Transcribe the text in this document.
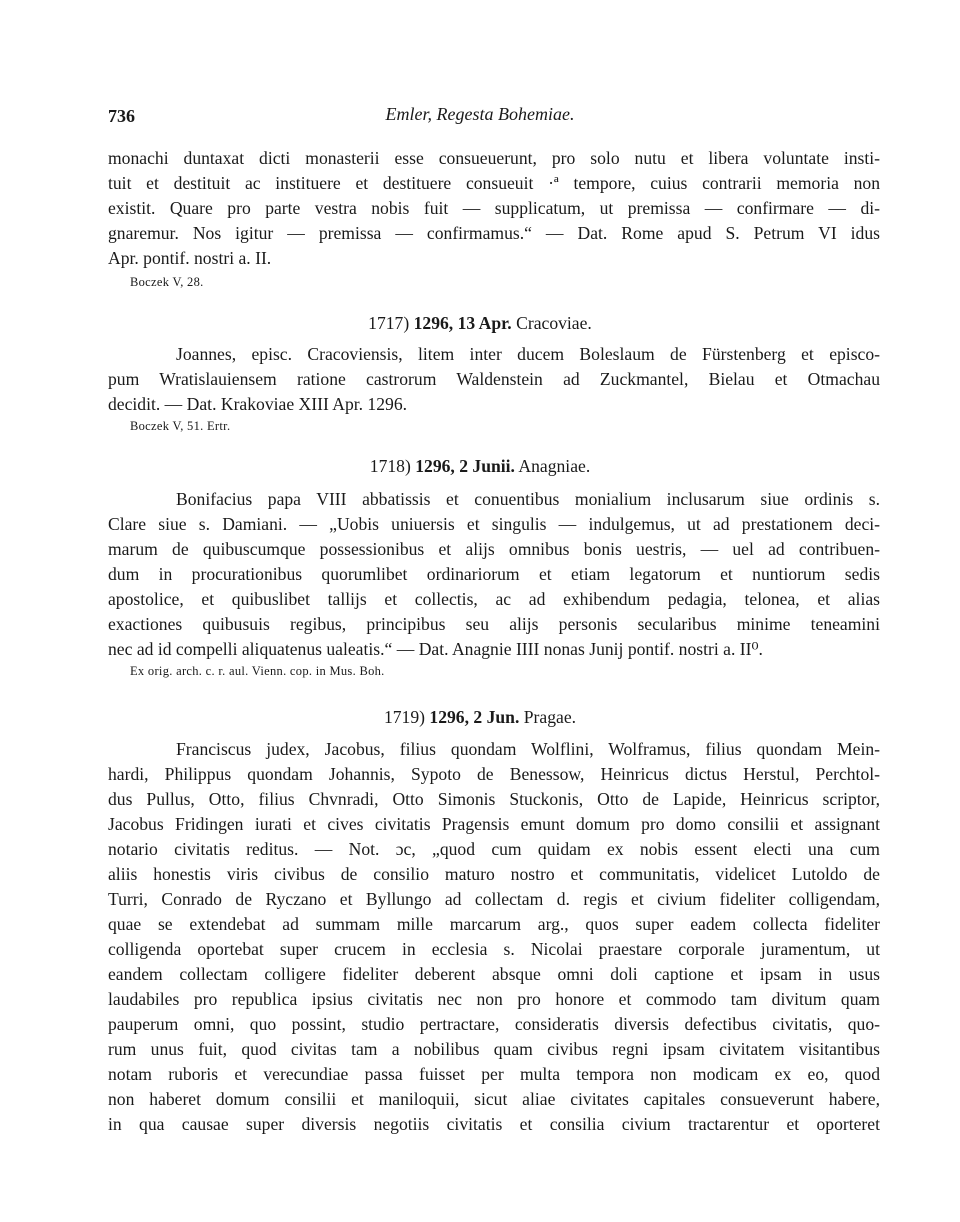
736	Emler, Regesta Bohemiae.
monachi duntaxat dicti monasterii esse consueuerunt, pro solo nutu et libera voluntate insti-
tuit et destituit ac instituere et destituere consueuit ·ª tempore, cuius contrarii memoria non
existit. Quare pro parte vestra nobis fuit — supplicatum, ut premissa — confirmare — di-
gnaremur. Nos igitur — premissa — confirmamus.“ — Dat. Rome apud S. Petrum VI idus
Apr. pontif. nostri a. II.
Boczek V, 28.
1717) 1296, 13 Apr. Cracoviae.
Joannes, episc. Cracoviensis, litem inter ducem Boleslaum de Fürstenberg et episco-
pum Wratislauiensem ratione castrorum Waldenstein ad Zuckmantel, Bielau et Otmachau
decidit. — Dat. Krakoviae XIII Apr. 1296.
Boczek V, 51. Ertr.
1718) 1296, 2 Junii. Anagniae.
Bonifacius papa VIII abbatissis et conuentibus monialium inclusarum siue ordinis s.
Clare siue s. Damiani. — „Uobis uniuersis et singulis — indulgemus, ut ad prestationem deci-
marum de quibuscumque possessionibus et alijs omnibus bonis uestris, — uel ad contribuen-
dum in procurationibus quorumlibet ordinariorum et etiam legatorum et nuntiorum sedis
apostolice, et quibuslibet tallijs et collectis, ac ad exhibendum pedagia, telonea, et alias
exactiones quibusuis regibus, principibus seu alijs personis secularibus minime teneamini
nec ad id compelli aliquatenus ualeatis.“ — Dat. Anagnie IIII nonas Junij pontif. nostri a. II⁰.
Ex orig. arch. c. r. aul. Vienn. cop. in Mus. Boh.
1719) 1296, 2 Jun. Pragae.
Franciscus judex, Jacobus, filius quondam Wolflini, Wolframus, filius quondam Mein-
hardi, Philippus quondam Johannis, Sypoto de Benessow, Heinricus dictus Herstul, Perchtol-
dus Pullus, Otto, filius Chvnradi, Otto Simonis Stuckonis, Otto de Lapide, Heinricus scriptor,
Jacobus Fridingen iurati et cives civitatis Pragensis emunt domum pro domo consilii et assignant
notario civitatis reditus. — Not. ɔc, „quod cum quidam ex nobis essent electi una cum
aliis honestis viris civibus de consilio maturo nostro et communitatis, videlicet Lutoldo de
Turri, Conrado de Ryczano et Byllungo ad collectam d. regis et civium fideliter colligendam,
quae se extendebat ad summam mille marcarum arg., quos super eadem collecta fideliter
colligenda oportebat super crucem in ecclesia s. Nicolai praestare corporale juramentum, ut
eandem collectam colligere fideliter deberent absque omni doli captione et ipsam in usus
laudabiles pro republica ipsius civitatis nec non pro honore et commodo tam divitum quam
pauperum omni, quo possint, studio pertractare, consideratis diversis defectibus civitatis, quo-
rum unus fuit, quod civitas tam a nobilibus quam civibus regni ipsam civitatem visitantibus
notam ruboris et verecundiae passa fuisset per multa tempora non modicam ex eo, quod
non haberet domum consilii et maniloquii, sicut aliae civitates capitales consueverunt habere,
in qua causae super diversis negotiis civitatis et consilia civium tractarentur et oporteret
